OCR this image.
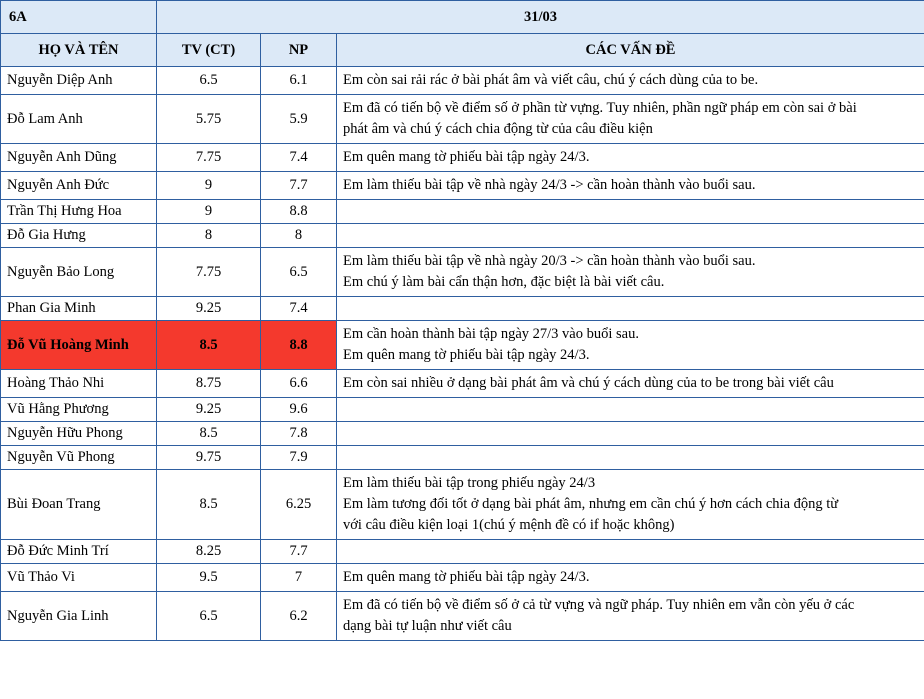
6A	31/03		
HỌ VÀ TÊN	TV (CT)	NP	CÁC VẤN ĐỀ
Nguyễn Diệp Anh	6.5	6.1	Em còn sai rải rác ở bài phát âm và viết câu, chú ý cách dùng của to be.

Đỗ Lam Anh	5.75	5.9	Em đã có tiến bộ về điểm số ở phần từ vựng. Tuy nhiên, phần ngữ pháp em còn sai ở bài
phát âm và chú ý cách chia động từ của câu điều kiện

Nguyễn Anh Dũng	7.75	7.4	Em quên mang tờ phiếu bài tập ngày 24/3.

Nguyễn Anh Đức	9	7.7	Em làm thiếu bài tập về nhà ngày 24/3 -> cần hoàn thành vào buổi sau.

Trần Thị Hưng Hoa	9	8.8	
Đỗ Gia Hưng	8	8	
Nguyễn Bảo Long	7.75	6.5	Em làm thiếu bài tập về nhà ngày 20/3 -> cần hoàn thành vào buổi sau.
Em chú ý làm bài cẩn thận hơn, đặc biệt là bài viết câu.

Phan Gia Minh	9.25	7.4	
Đỗ Vũ Hoàng Minh	8.5	8.8	Em cần hoàn thành bài tập ngày 27/3 vào buổi sau.
Em quên mang tờ phiếu bài tập ngày 24/3.

Hoàng Thảo Nhi	8.75	6.6	Em còn sai nhiều ở dạng bài phát âm và chú ý cách dùng của to be trong bài viết câu

Vũ Hằng Phương	9.25	9.6	
Nguyễn Hữu Phong	8.5	7.8	
Nguyễn Vũ Phong	9.75	7.9	
Bùi Đoan Trang	8.5	6.25	Em làm thiếu bài tập trong phiếu ngày 24/3
Em làm tương đối tốt ở dạng bài phát âm, nhưng em cần chú ý hơn cách chia động từ
với câu điều kiện loại 1(chú ý mệnh đề có if hoặc không)

Đỗ Đức Minh Trí	8.25	7.7	
Vũ Thảo Vi	9.5	7	Em quên mang tờ phiếu bài tập ngày 24/3.

Nguyễn Gia Linh	6.5	6.2	Em đã có tiến bộ về điểm số ở cả từ vựng và ngữ pháp. Tuy nhiên em vẫn còn yếu ở các
dạng bài tự luận như viết câu
